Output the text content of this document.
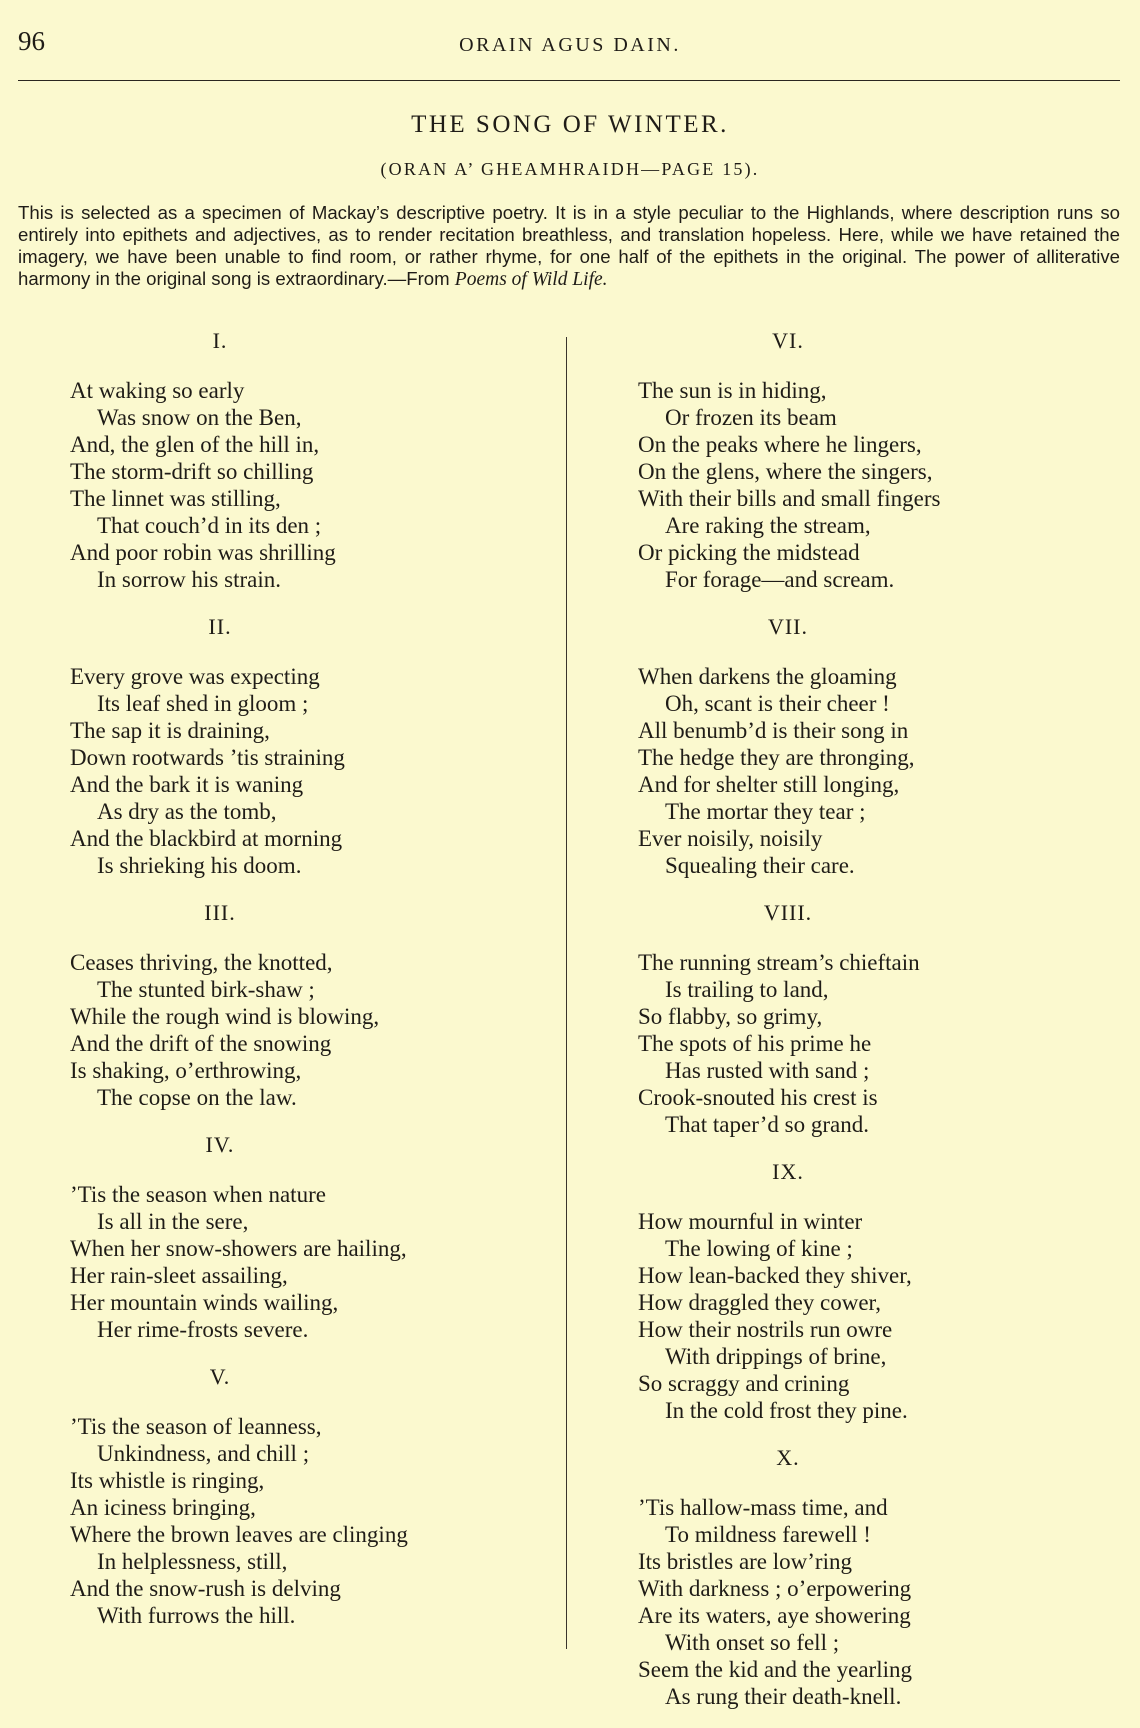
96	ORAIN AGUS DAIN.
THE SONG OF WINTER.
(ORAN A’ GHEAMHRAIDH—PAGE 15).

This is selected as a specimen of Mackay’s descriptive poetry. It is in a style peculiar to the Highlands, where description runs so entirely into epithets and adjectives, as to render recitation breathless, and translation hopeless. Here, while we have retained the imagery, we have been unable to find room, or rather rhyme, for one half of the epithets in the original. The power of alliterative harmony in the original song is extraordinary.—From Poems of Wild Life.

I.
At waking so early
Was snow on the Ben,
And, the glen of the hill in,
The storm-drift so chilling
The linnet was stilling,
That couch’d in its den ;
And poor robin was shrilling
In sorrow his strain.
II.
Every grove was expecting
Its leaf shed in gloom ;
The sap it is draining,
Down rootwards ’tis straining
And the bark it is waning
As dry as the tomb,
And the blackbird at morning
Is shrieking his doom.
III.
Ceases thriving, the knotted,
The stunted birk-shaw ;
While the rough wind is blowing,
And the drift of the snowing
Is shaking, o’erthrowing,
The copse on the law.
IV.
’Tis the season when nature
Is all in the sere,
When her snow-showers are hailing,
Her rain-sleet assailing,
Her mountain winds wailing,
Her rime-frosts severe.
V.
’Tis the season of leanness,
Unkindness, and chill ;
Its whistle is ringing,
An iciness bringing,
Where the brown leaves are clinging
In helplessness, still,
And the snow-rush is delving
With furrows the hill.
VI.
The sun is in hiding,
Or frozen its beam
On the peaks where he lingers,
On the glens, where the singers,
With their bills and small fingers
Are raking the stream,
Or picking the midstead
For forage—and scream.
VII.
When darkens the gloaming
Oh, scant is their cheer !
All benumb’d is their song in
The hedge they are thronging,
And for shelter still longing,
The mortar they tear ;
Ever noisily, noisily
Squealing their care.
VIII.
The running stream’s chieftain
Is trailing to land,
So flabby, so grimy,
The spots of his prime he
Has rusted with sand ;
Crook-snouted his crest is
That taper’d so grand.
IX.
How mournful in winter
The lowing of kine ;
How lean-backed they shiver,
How draggled they cower,
How their nostrils run owre
With drippings of brine,
So scraggy and crining
In the cold frost they pine.
X.
’Tis hallow-mass time, and
To mildness farewell !
Its bristles are low’ring
With darkness ; o’erpowering
Are its waters, aye showering
With onset so fell ;
Seem the kid and the yearling
As rung their death-knell.
